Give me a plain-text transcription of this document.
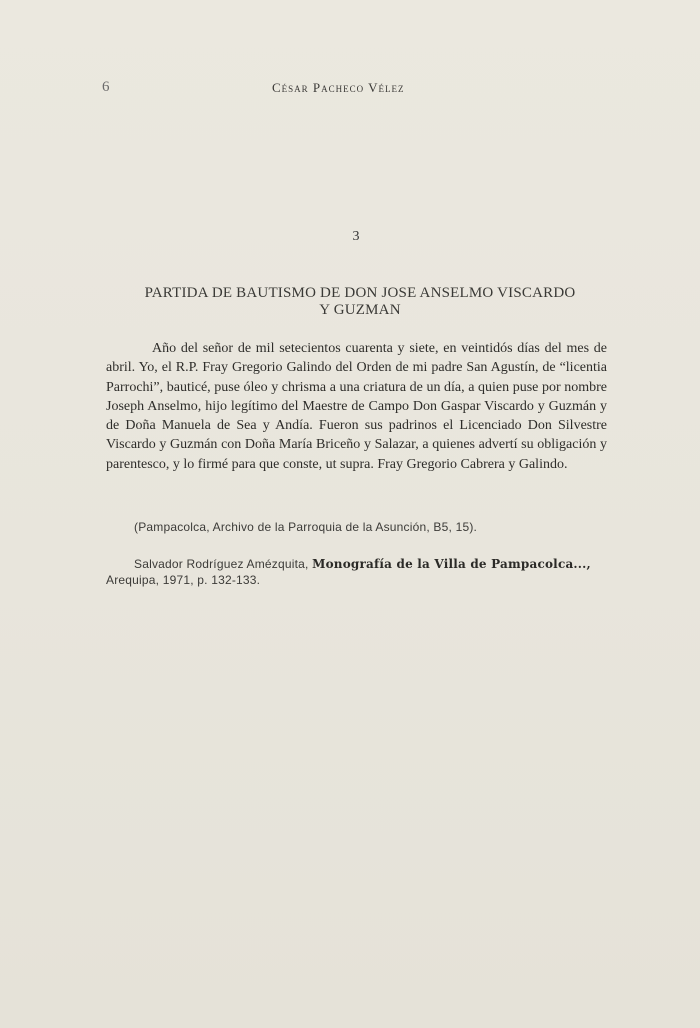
6	César Pacheco Vélez
3
PARTIDA DE BAUTISMO DE DON JOSE ANSELMO VISCARDO
Y GUZMAN
Año del señor de mil setecientos cuarenta y siete, en veintidós días del mes de abril. Yo, el R.P. Fray Gregorio Galindo del Orden de mi padre San Agustín, de “licentia Parrochi”, bauticé, puse óleo y chrisma a una criatura de un día, a quien puse por nombre Joseph Anselmo, hijo legítimo del Maestre de Campo Don Gaspar Viscardo y Guzmán y de Doña Manuela de Sea y Andía. Fueron sus padrinos el Licenciado Don Silvestre Viscardo y Guzmán con Doña María Briceño y Salazar, a quienes advertí su obligación y parentesco, y lo firmé para que conste, ut supra. Fray Gregorio Cabrera y Galindo.
(Pampacolca, Archivo de la Parroquia de la Asunción, B5, 15).
Salvador Rodríguez Amézquita, Monografía de la Villa de Pampacolca...,
Arequipa, 1971, p. 132-133.
